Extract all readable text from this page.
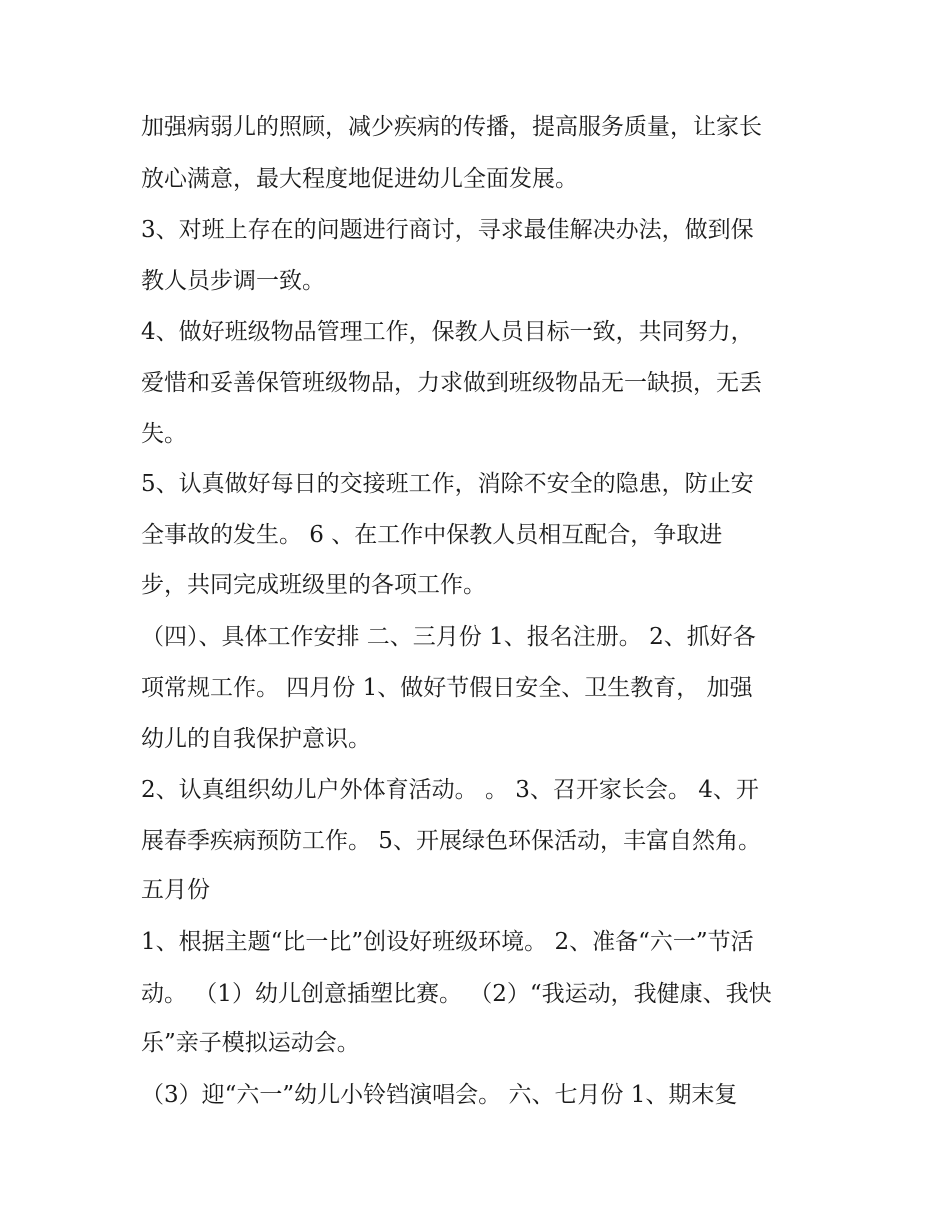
加强病弱儿的照顾，减少疾病的传播，提高服务质量，让家长
放心满意，最大程度地促进幼儿全面发展。
3、对班上存在的问题进行商讨，寻求最佳解决办法，做到保
教人员步调一致。
4、做好班级物品管理工作，保教人员目标一致，共同努力，
爱惜和妥善保管班级物品，力求做到班级物品无一缺损，无丢
失。
5、认真做好每日的交接班工作，消除不安全的隐患，防止安
全事故的发生。 6 、在工作中保教人员相互配合，争取进
步，共同完成班级里的各项工作。
（四）、具体工作安排 二、三月份 1、报名注册。 2、抓好各
项常规工作。 四月份 1、做好节假日安全、卫生教育， 加强
幼儿的自我保护意识。
2、认真组织幼儿户外体育活动。 。 3、召开家长会。 4、开
展春季疾病预防工作。 5、开展绿色环保活动，丰富自然角。
五月份
1、根据主题“比一比”创设好班级环境。 2、准备“六一”节活
动。 （1）幼儿创意插塑比赛。 （2）“我运动，我健康、我快
乐”亲子模拟运动会。
（3）迎“六一”幼儿小铃铛演唱会。 六、七月份 1、期末复
